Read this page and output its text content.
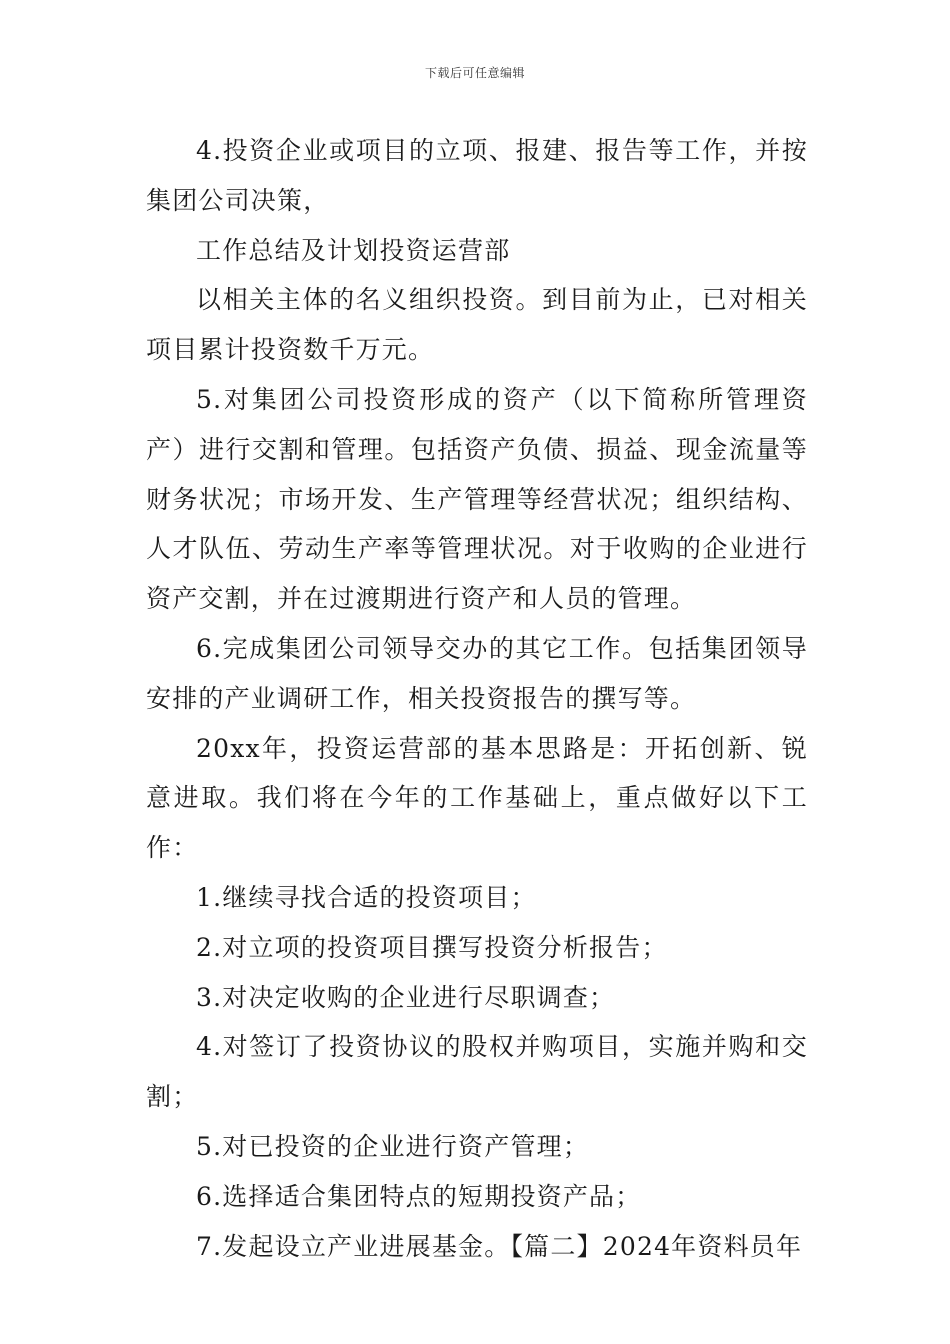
下载后可任意编辑

4.投资企业或项目的立项、报建、报告等工作，并按集团公司决策，

工作总结及计划投资运营部

以相关主体的名义组织投资。到目前为止，已对相关项目累计投资数千万元。

5.对集团公司投资形成的资产（以下简称所管理资产）进行交割和管理。包括资产负债、损益、现金流量等财务状况；市场开发、生产管理等经营状况；组织结构、人才队伍、劳动生产率等管理状况。对于收购的企业进行资产交割，并在过渡期进行资产和人员的管理。

6.完成集团公司领导交办的其它工作。包括集团领导安排的产业调研工作，相关投资报告的撰写等。

20xx年，投资运营部的基本思路是：开拓创新、锐意进取。我们将在今年的工作基础上，重点做好以下工作：

1.继续寻找合适的投资项目；

2.对立项的投资项目撰写投资分析报告；

3.对决定收购的企业进行尽职调查；

4.对签订了投资协议的股权并购项目，实施并购和交割；

5.对已投资的企业进行资产管理；

6.选择适合集团特点的短期投资产品；

7.发起设立产业进展基金。【篇二】2024年资料员年
